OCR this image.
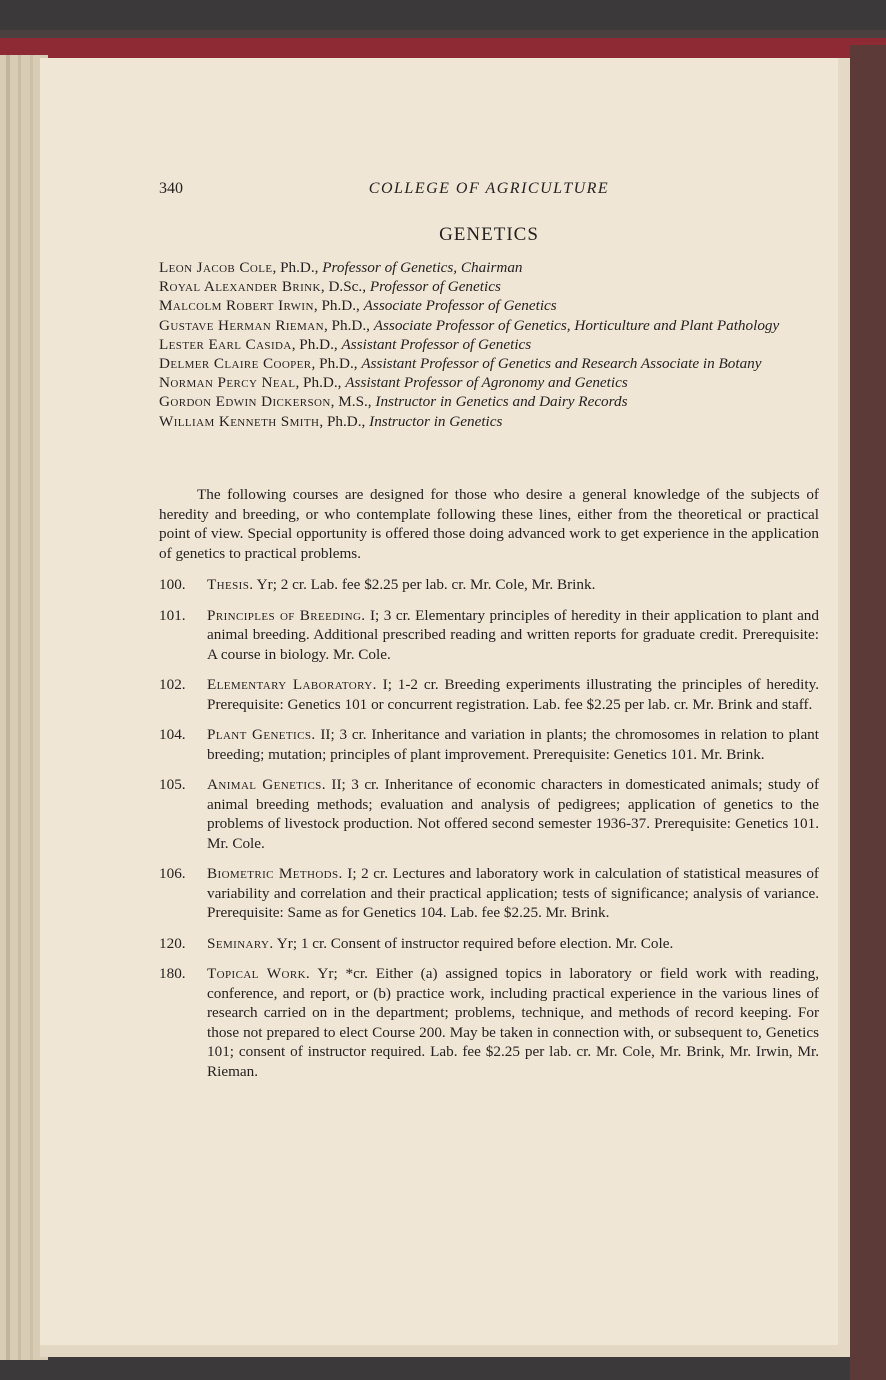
340	COLLEGE OF AGRICULTURE
GENETICS
Leon Jacob Cole, Ph.D., Professor of Genetics, Chairman
Royal Alexander Brink, D.Sc., Professor of Genetics
Malcolm Robert Irwin, Ph.D., Associate Professor of Genetics
Gustave Herman Rieman, Ph.D., Associate Professor of Genetics, Horticulture and Plant Pathology
Lester Earl Casida, Ph.D., Assistant Professor of Genetics
Delmer Claire Cooper, Ph.D., Assistant Professor of Genetics and Research Associate in Botany
Norman Percy Neal, Ph.D., Assistant Professor of Agronomy and Genetics
Gordon Edwin Dickerson, M.S., Instructor in Genetics and Dairy Records
William Kenneth Smith, Ph.D., Instructor in Genetics

The following courses are designed for those who desire a general knowledge of the subjects of heredity and breeding, or who contemplate following these lines, either from the theoretical or practical point of view. Special opportunity is offered those doing advanced work to get experience in the application of genetics to practical problems.

100. Thesis. Yr; 2 cr. Lab. fee $2.25 per lab. cr. Mr. Cole, Mr. Brink.
101. Principles of Breeding. I; 3 cr. Elementary principles of heredity in their application to plant and animal breeding. Additional prescribed reading and written reports for graduate credit. Prerequisite: A course in biology. Mr. Cole.
102. Elementary Laboratory. I; 1-2 cr. Breeding experiments illustrating the principles of heredity. Prerequisite: Genetics 101 or concurrent registration. Lab. fee $2.25 per lab. cr. Mr. Brink and staff.
104. Plant Genetics. II; 3 cr. Inheritance and variation in plants; the chromosomes in relation to plant breeding; mutation; principles of plant improvement. Prerequisite: Genetics 101. Mr. Brink.
105. Animal Genetics. II; 3 cr. Inheritance of economic characters in domesticated animals; study of animal breeding methods; evaluation and analysis of pedigrees; application of genetics to the problems of livestock production. Not offered second semester 1936-37. Prerequisite: Genetics 101. Mr. Cole.
106. Biometric Methods. I; 2 cr. Lectures and laboratory work in calculation of statistical measures of variability and correlation and their practical application; tests of significance; analysis of variance. Prerequisite: Same as for Genetics 104. Lab. fee $2.25. Mr. Brink.
120. Seminary. Yr; 1 cr. Consent of instructor required before election. Mr. Cole.
180. Topical Work. Yr; *cr. Either (a) assigned topics in laboratory or field work with reading, conference, and report, or (b) practice work, including practical experience in the various lines of research carried on in the department; problems, technique, and methods of record keeping. For those not prepared to elect Course 200. May be taken in connection with, or subsequent to, Genetics 101; consent of instructor required. Lab. fee $2.25 per lab. cr. Mr. Cole, Mr. Brink, Mr. Irwin, Mr. Rieman.
